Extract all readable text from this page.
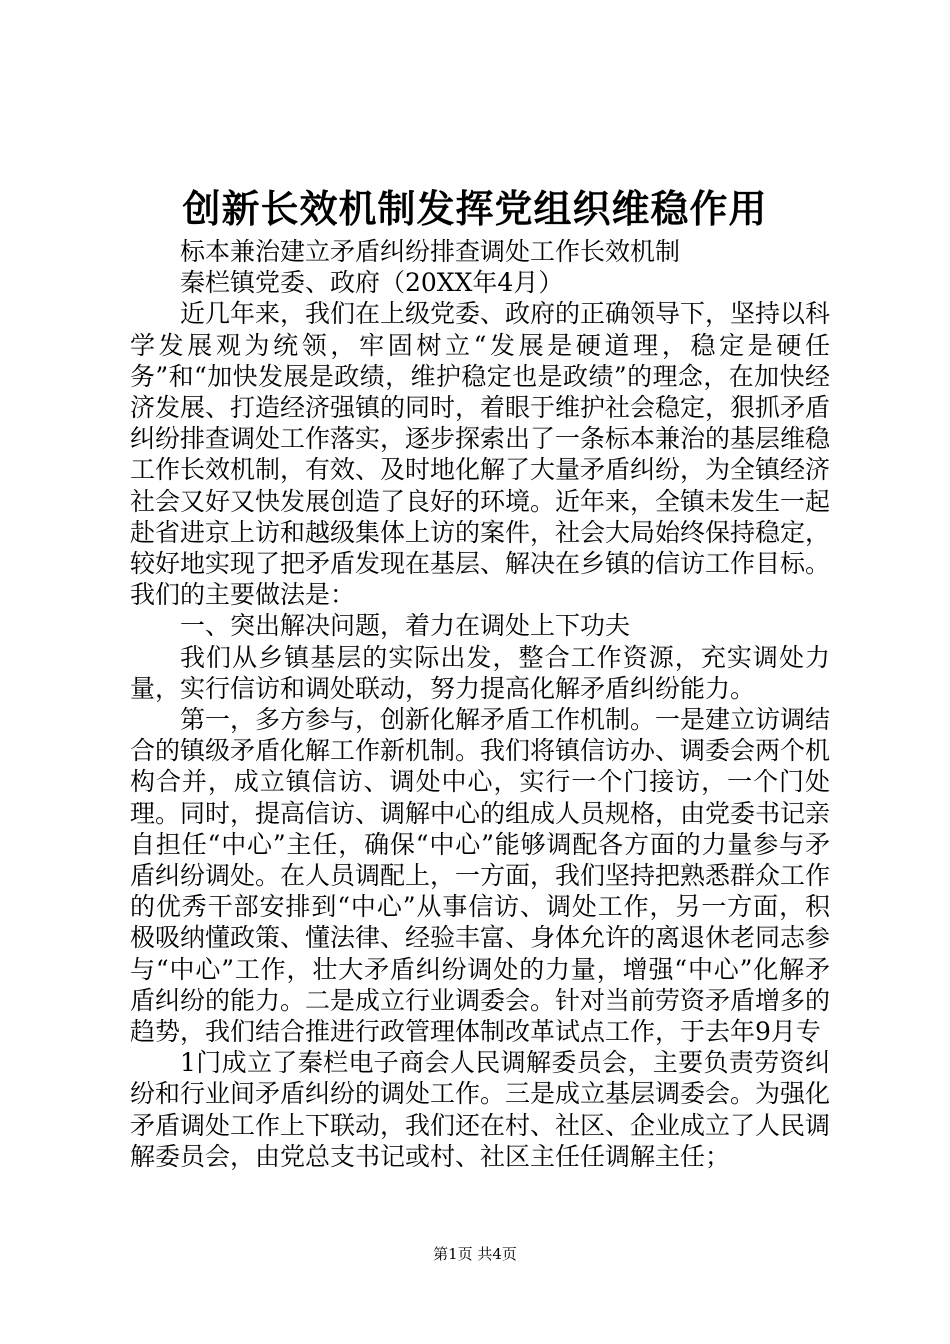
创新长效机制发挥党组织维稳作用

标本兼治建立矛盾纠纷排查调处工作长效机制

秦栏镇党委、政府（20XX年4月）

近几年来，我们在上级党委、政府的正确领导下，坚持以科学发展观为统领，牢固树立“发展是硬道理，稳定是硬任务”和“加快发展是政绩，维护稳定也是政绩”的理念，在加快经济发展、打造经济强镇的同时，着眼于维护社会稳定，狠抓矛盾纠纷排查调处工作落实，逐步探索出了一条标本兼治的基层维稳工作长效机制，有效、及时地化解了大量矛盾纠纷，为全镇经济社会又好又快发展创造了良好的环境。近年来，全镇未发生一起赴省进京上访和越级集体上访的案件，社会大局始终保持稳定，较好地实现了把矛盾发现在基层、解决在乡镇的信访工作目标。我们的主要做法是：

一、突出解决问题，着力在调处上下功夫

我们从乡镇基层的实际出发，整合工作资源，充实调处力量，实行信访和调处联动，努力提高化解矛盾纠纷能力。

第一，多方参与，创新化解矛盾工作机制。一是建立访调结合的镇级矛盾化解工作新机制。我们将镇信访办、调委会两个机构合并，成立镇信访、调处中心，实行一个门接访，一个门处理。同时，提高信访、调解中心的组成人员规格，由党委书记亲自担任“中心”主任，确保“中心”能够调配各方面的力量参与矛盾纠纷调处。在人员调配上，一方面，我们坚持把熟悉群众工作的优秀干部安排到“中心”从事信访、调处工作，另一方面，积极吸纳懂政策、懂法律、经验丰富、身体允许的离退休老同志参与“中心”工作，壮大矛盾纠纷调处的力量，增强“中心”化解矛盾纠纷的能力。二是成立行业调委会。针对当前劳资矛盾增多的趋势，我们结合推进行政管理体制改革试点工作，于去年9月专

1门成立了秦栏电子商会人民调解委员会，主要负责劳资纠纷和行业间矛盾纠纷的调处工作。三是成立基层调委会。为强化矛盾调处工作上下联动，我们还在村、社区、企业成立了人民调解委员会，由党总支书记或村、社区主任任调解主任；

第1页 共4页
